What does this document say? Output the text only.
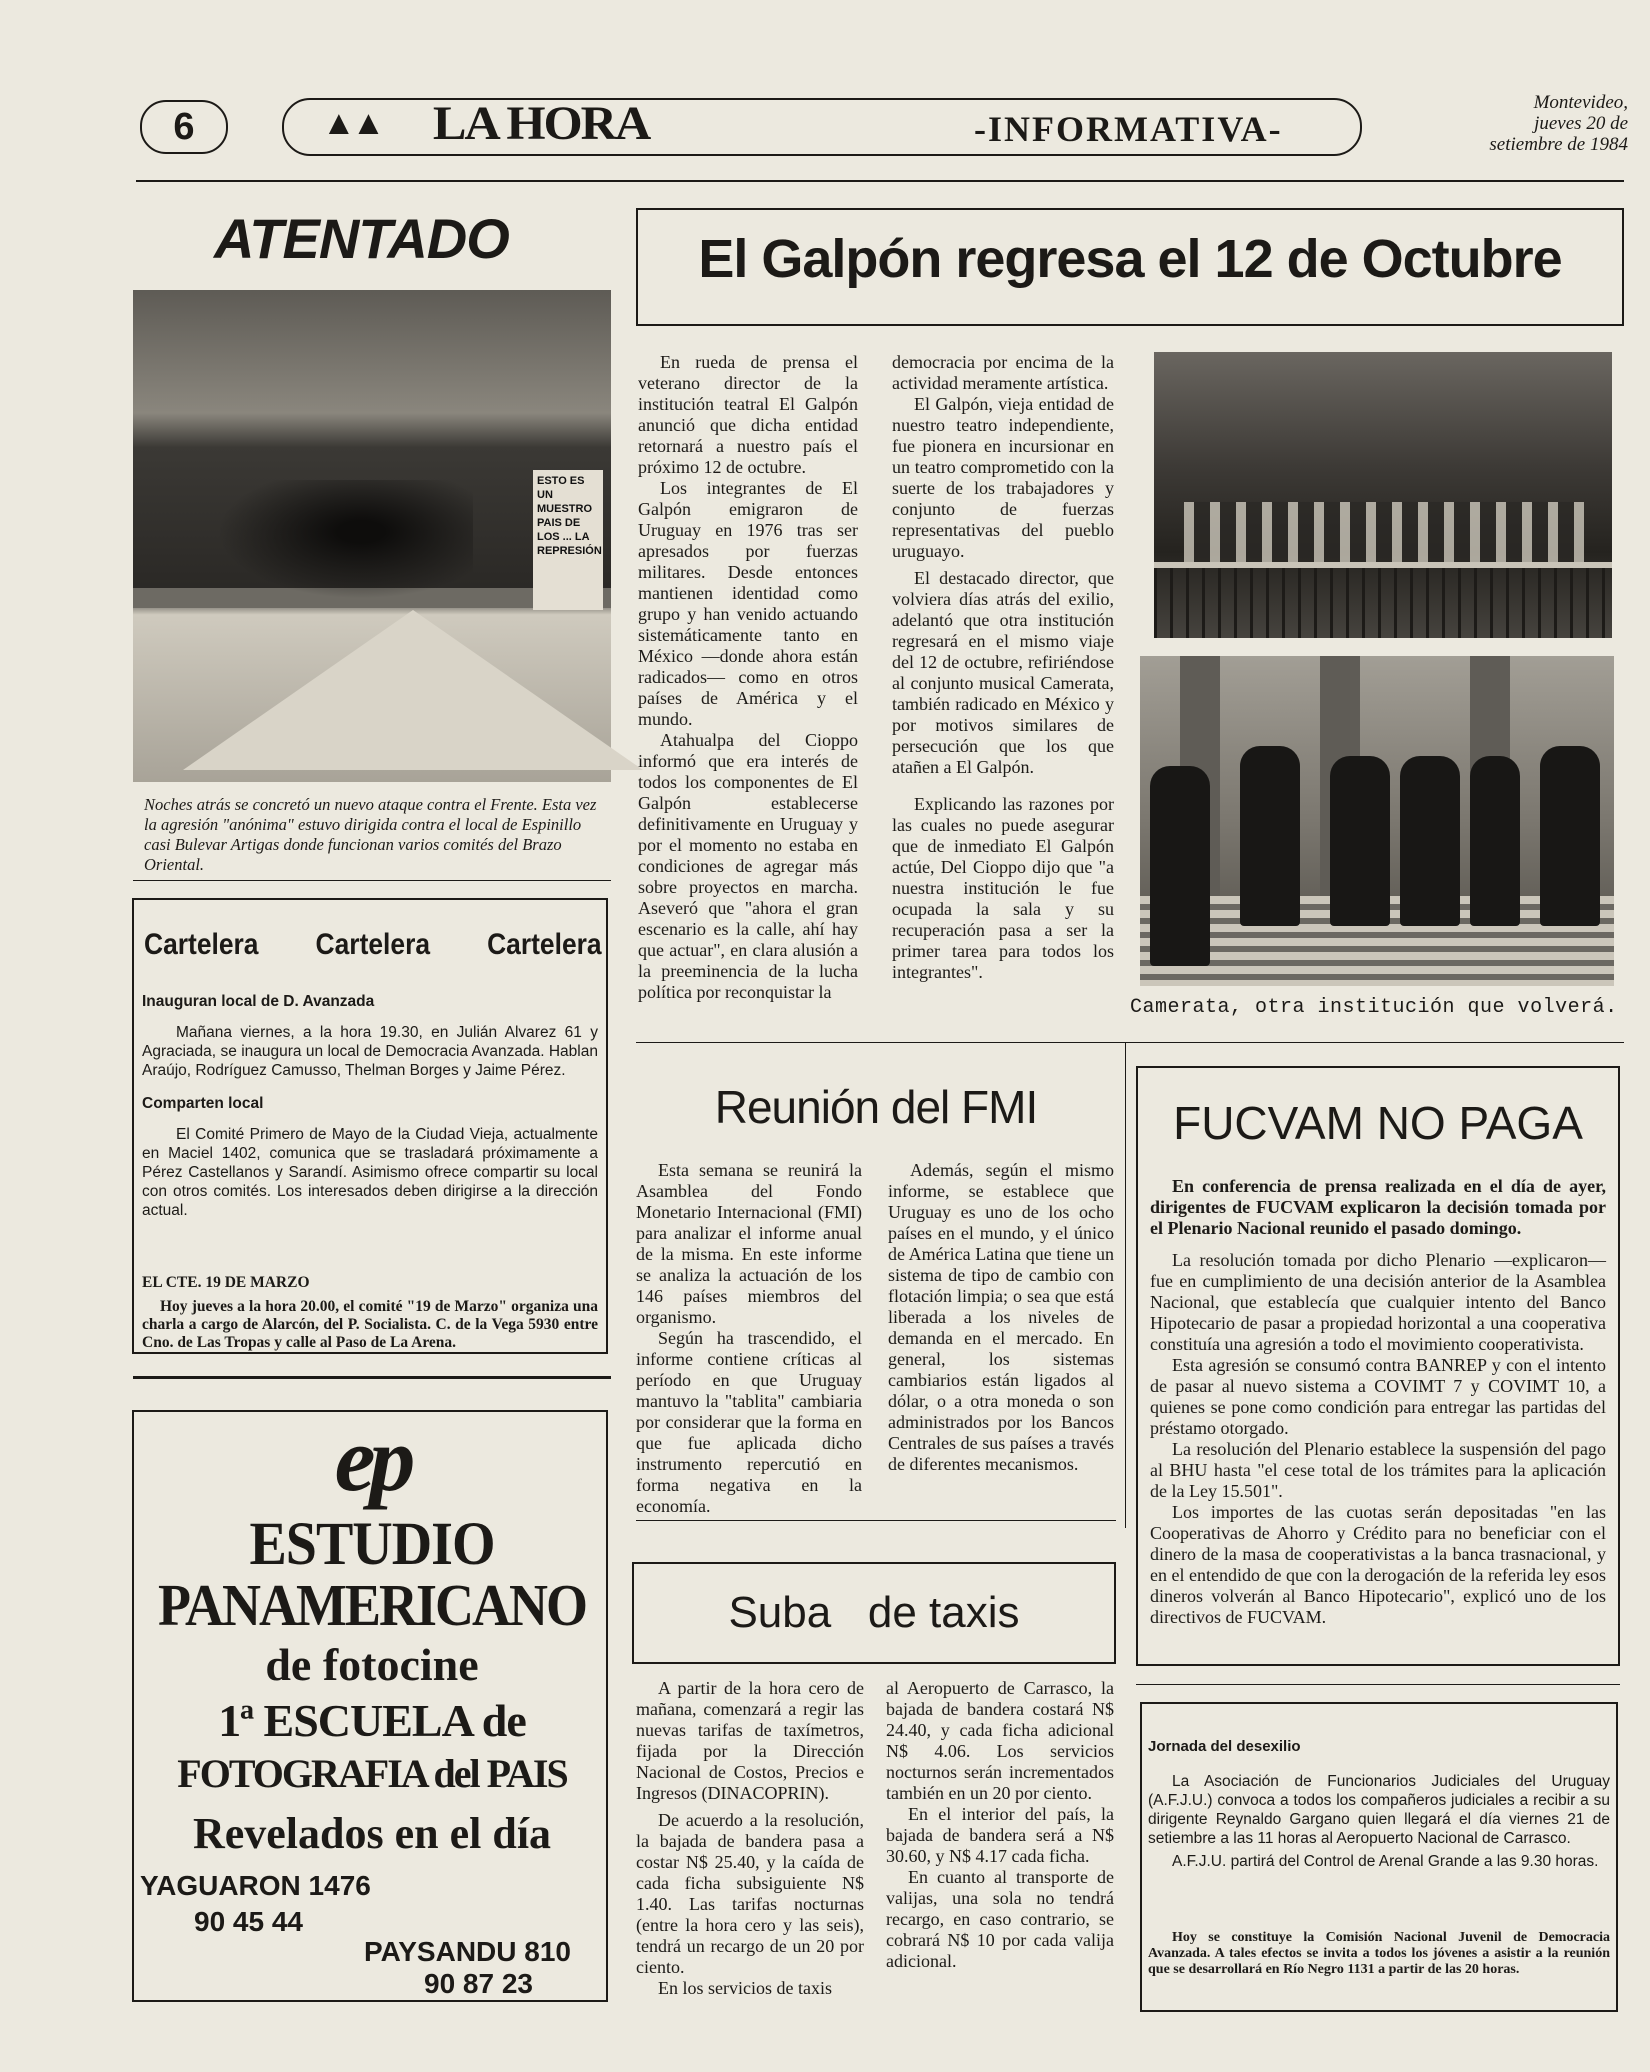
6	▲▲ LA HORA	-INFORMATIVA-
Montevideo,
jueves 20 de
setiembre de 1984
ATENTADO
ESTO ES UN MUESTRO PAIS DE LOS ... LA REPRESIÓN
Noches atrás se concretó un nuevo ataque contra el Frente. Esta vez la agresión "anónima" estuvo dirigida contra el local de Espinillo casi Bulevar Artigas donde funcionan varios comités del Brazo Oriental.
Cartelera Cartelera Cartelera
Inauguran local de D. Avanzada
Mañana viernes, a la hora 19.30, en Julián Alvarez 61 y Agraciada, se inaugura un local de Democracia Avanzada. Hablan Araújo, Rodríguez Camusso, Thelman Borges y Jaime Pérez.
Comparten local
El Comité Primero de Mayo de la Ciudad Vieja, actualmente en Maciel 1402, comunica que se trasladará próximamente a Pérez Castellanos y Sarandí. Asimismo ofrece compartir su local con otros comités. Los interesados deben dirigirse a la dirección actual.
EL CTE. 19 DE MARZO
Hoy jueves a la hora 20.00, el comité "19 de Marzo" organiza una charla a cargo de Alarcón, del P. Socialista. C. de la Vega 5930 entre Cno. de Las Tropas y calle al Paso de La Arena.
ep
ESTUDIO
PANAMERICANO
de fotocine
1ª ESCUELA de
FOTOGRAFIA del PAIS
Revelados en el día
YAGUARON 1476
90 45 44
PAYSANDU 810
90 87 23
El Galpón regresa el 12 de Octubre

En rueda de prensa el veterano director de la institución teatral El Galpón anunció que dicha entidad retornará a nuestro país el próximo 12 de octubre.

Los integrantes de El Galpón emigraron de Uruguay en 1976 tras ser apresados por fuerzas militares. Desde entonces mantienen identidad como grupo y han venido actuando sistemáticamente tanto en México —donde ahora están radicados— como en otros países de América y el mundo.

Atahualpa del Cioppo informó que era interés de todos los componentes de El Galpón establecerse definitivamente en Uruguay y por el momento no estaba en condiciones de agregar más sobre proyectos en marcha. Aseveró que "ahora el gran escenario es la calle, ahí hay que actuar", en clara alusión a la preeminencia de la lucha política por reconquistar la

democracia por encima de la actividad meramente artística.

El Galpón, vieja entidad de nuestro teatro independiente, fue pionera en incursionar en un teatro comprometido con la suerte de los trabajadores y conjunto de fuerzas representativas del pueblo uruguayo.

El destacado director, que volviera días atrás del exilio, adelantó que otra institución regresará en el mismo viaje del 12 de octubre, refiriéndose al conjunto musical Camerata, también radicado en México y por motivos similares de persecución que los que atañen a El Galpón.

Explicando las razones por las cuales no puede asegurar que de inmediato El Galpón actúe, Del Cioppo dijo que "a nuestra institución le fue ocupada la sala y su recuperación pasa a ser la primer tarea para todos los integrantes".

Camerata, otra institución que volverá.
Reunión del FMI

Esta semana se reunirá la Asamblea del Fondo Monetario Internacional (FMI) para analizar el informe anual de la misma. En este informe se analiza la actuación de los 146 países miembros del organismo.

Según ha trascendido, el informe contiene críticas al período en que Uruguay mantuvo la "tablita" cambiaria por considerar que la forma en que fue aplicada dicho instrumento repercutió en forma negativa en la economía.

Además, según el mismo informe, se establece que Uruguay es uno de los ocho países en el mundo, y el único de América Latina que tiene un sistema de tipo de cambio con flotación limpia; o sea que está liberada a los niveles de demanda en el mercado. En general, los sistemas cambiarios están ligados al dólar, o a otra moneda o son administrados por los Bancos Centrales de sus países a través de diferentes mecanismos.

Suba   de taxis

A partir de la hora cero de mañana, comenzará a regir las nuevas tarifas de taxímetros, fijada por la Dirección Nacional de Costos, Precios e Ingresos (DINACOPRIN).

De acuerdo a la resolución, la bajada de bandera pasa a costar N$ 25.40, y la caída de cada ficha subsiguiente N$ 1.40. Las tarifas nocturnas (entre la hora cero y las seis), tendrá un recargo de un 20 por ciento.

En los servicios de taxis

al Aeropuerto de Carrasco, la bajada de bandera costará N$ 24.40, y cada ficha adicional N$ 4.06. Los servicios nocturnos serán incrementados también en un 20 por ciento.

En el interior del país, la bajada de bandera será a N$ 30.60, y N$ 4.17 cada ficha.

En cuanto al transporte de valijas, una sola no tendrá recargo, en caso contrario, se cobrará N$ 10 por cada valija adicional.

FUCVAM NO PAGA
En conferencia de prensa realizada en el día de ayer, dirigentes de FUCVAM explicaron la decisión tomada por el Plenario Nacional reunido el pasado domingo.

La resolución tomada por dicho Plenario —explicaron— fue en cumplimiento de una decisión anterior de la Asamblea Nacional, que establecía que cualquier intento del Banco Hipotecario de pasar a propiedad horizontal a una cooperativa constituía una agresión a todo el movimiento cooperativista.

Esta agresión se consumó contra BANREP y con el intento de pasar al nuevo sistema a COVIMT 7 y COVIMT 10, a quienes se pone como condición para entregar las partidas del préstamo otorgado.

La resolución del Plenario establece la suspensión del pago al BHU hasta "el cese total de los trámites para la aplicación de la Ley 15.501".

Los importes de las cuotas serán depositadas "en las Cooperativas de Ahorro y Crédito para no beneficiar con el dinero de la masa de cooperativistas a la banca trasnacional, y en el entendido de que con la derogación de la referida ley esos dineros volverán al Banco Hipotecario", explicó uno de los directivos de FUCVAM.

Jornada del desexilio
La Asociación de Funcionarios Judiciales del Uruguay (A.F.J.U.) convoca a todos los compañeros judiciales a recibir a su dirigente Reynaldo Gargano quien llegará el día viernes 21 de setiembre a las 11 horas al Aeropuerto Nacional de Carrasco.
A.F.J.U. partirá del Control de Arenal Grande a las 9.30 horas.
Hoy se constituye la Comisión Nacional Juvenil de Democracia Avanzada. A tales efectos se invita a todos los jóvenes a asistir a la reunión que se desarrollará en Río Negro 1131 a partir de las 20 horas.
